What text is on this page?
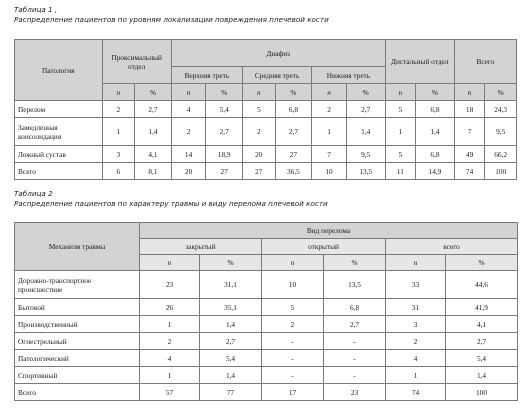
Таблица 1 ,
Распределение пациентов по уровням локализации повреждения плечевой кости
Патология	Проксимальный отдел		Диафиз						Дистальный отдел		Всего	
			Верхняя треть		Средняя треть		Нижняя треть					
	n	%	n	%	n	%	n	%	n	%	n	%
Перелом	2	2,7	4	5,4	5	6,8	2	2,7	5	6,8	18	24,3
Замедленная консолидация	1	1,4	2	2,7	2	2,7	1	1,4	1	1,4	7	9,5
Ложный сустав	3	4,1	14	18,9	20	27	7	9,5	5	6,8	49	66,2
Всего	6	8,1	20	27	27	36,5	10	13,5	11	14,9	74	100
Таблица 2
Распределение пациентов по характеру травмы и виду перелома плечевой кости
Механизм травмы	Вид перелома					
	закрытый		открытый		всего	
	n	%	n	%	n	%
Дорожно-транспортное происшествие	23	31,1	10	13,5	33	44,6
Бытовой	26	35,1	5	6,8	31	41,9
Производственный	1	1,4	2	2,7	3	4,1
Огнестрельный	2	2,7	-	-	2	2,7
Патологический	4	5,4	-	-	4	5,4
Спортивный	1	1,4	-	-	1	1,4
Всего	57	77	17	23	74	100
